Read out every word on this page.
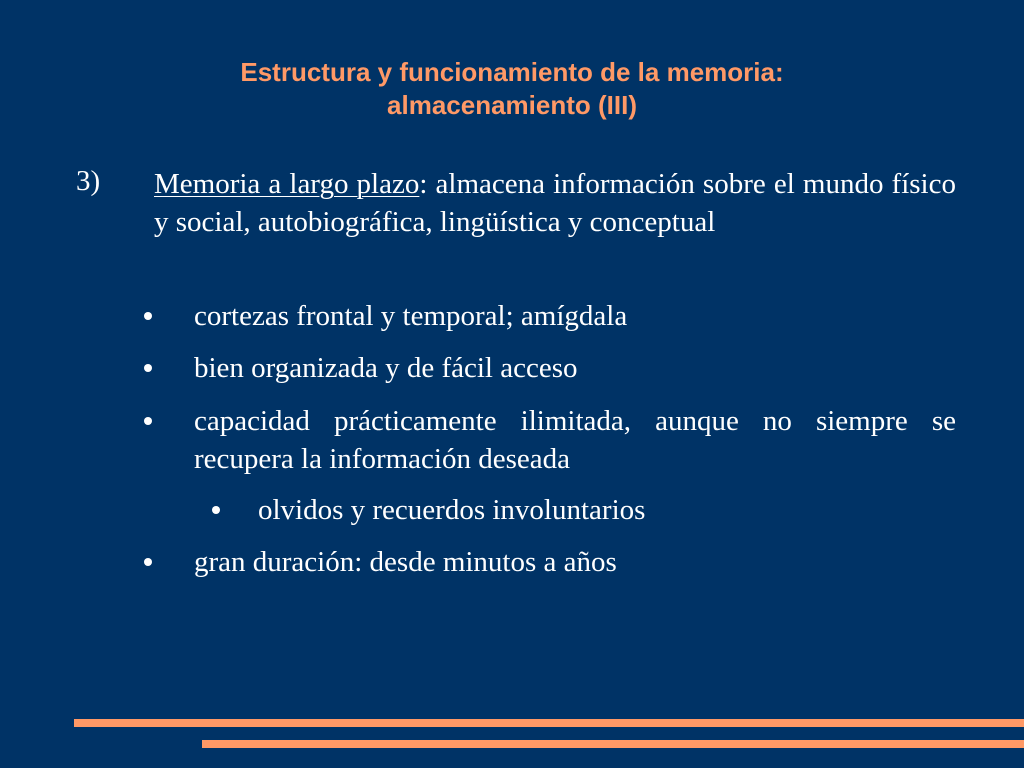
Estructura y funcionamiento de la memoria:
almacenamiento (III)
3) Memoria a largo plazo: almacena información sobre el mundo físico y social, autobiográfica, lingüística y conceptual
cortezas frontal y temporal; amígdala
bien organizada y de fácil acceso
capacidad prácticamente ilimitada, aunque no siempre se recupera la información deseada
olvidos y recuerdos involuntarios
gran duración: desde minutos a años
